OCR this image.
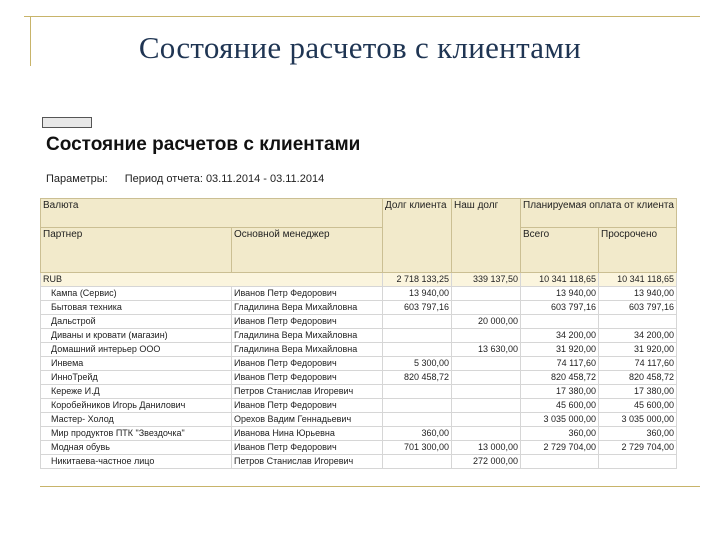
Состояние расчетов с клиентами
Состояние расчетов с клиентами
Параметры: Период отчета: 03.11.2014 - 03.11.2014
Валюта		Долг клиента	Наш долг	Планируемая оплата от клиента	
Партнер	Основной менеджер			Всего	Просрочено
RUB		2 718 133,25	339 137,50	10 341 118,65	10 341 118,65
Кампа (Сервис)	Иванов Петр Федорович	13 940,00		13 940,00	13 940,00
Бытовая техника	Гладилина Вера Михайловна	603 797,16		603 797,16	603 797,16
Дальстрой	Иванов Петр Федорович		20 000,00		
Диваны и кровати (магазин)	Гладилина Вера Михайловна			34 200,00	34 200,00
Домашний интерьер ООО	Гладилина Вера Михайловна		13 630,00	31 920,00	31 920,00
Инвема	Иванов Петр Федорович	5 300,00		74 117,60	74 117,60
ИнноТрейд	Иванов Петр Федорович	820 458,72		820 458,72	820 458,72
Кереже И.Д	Петров Станислав Игоревич			17 380,00	17 380,00
Коробейников Игорь Данилович	Иванов Петр Федорович			45 600,00	45 600,00
Мастер- Холод	Орехов Вадим Геннадьевич			3 035 000,00	3 035 000,00
Мир продуктов ПТК "Звездочка"	Иванова Нина Юрьевна	360,00		360,00	360,00
Модная обувь	Иванов Петр Федорович	701 300,00	13 000,00	2 729 704,00	2 729 704,00
Никитаева-частное лицо	Петров Станислав Игоревич		272 000,00		
